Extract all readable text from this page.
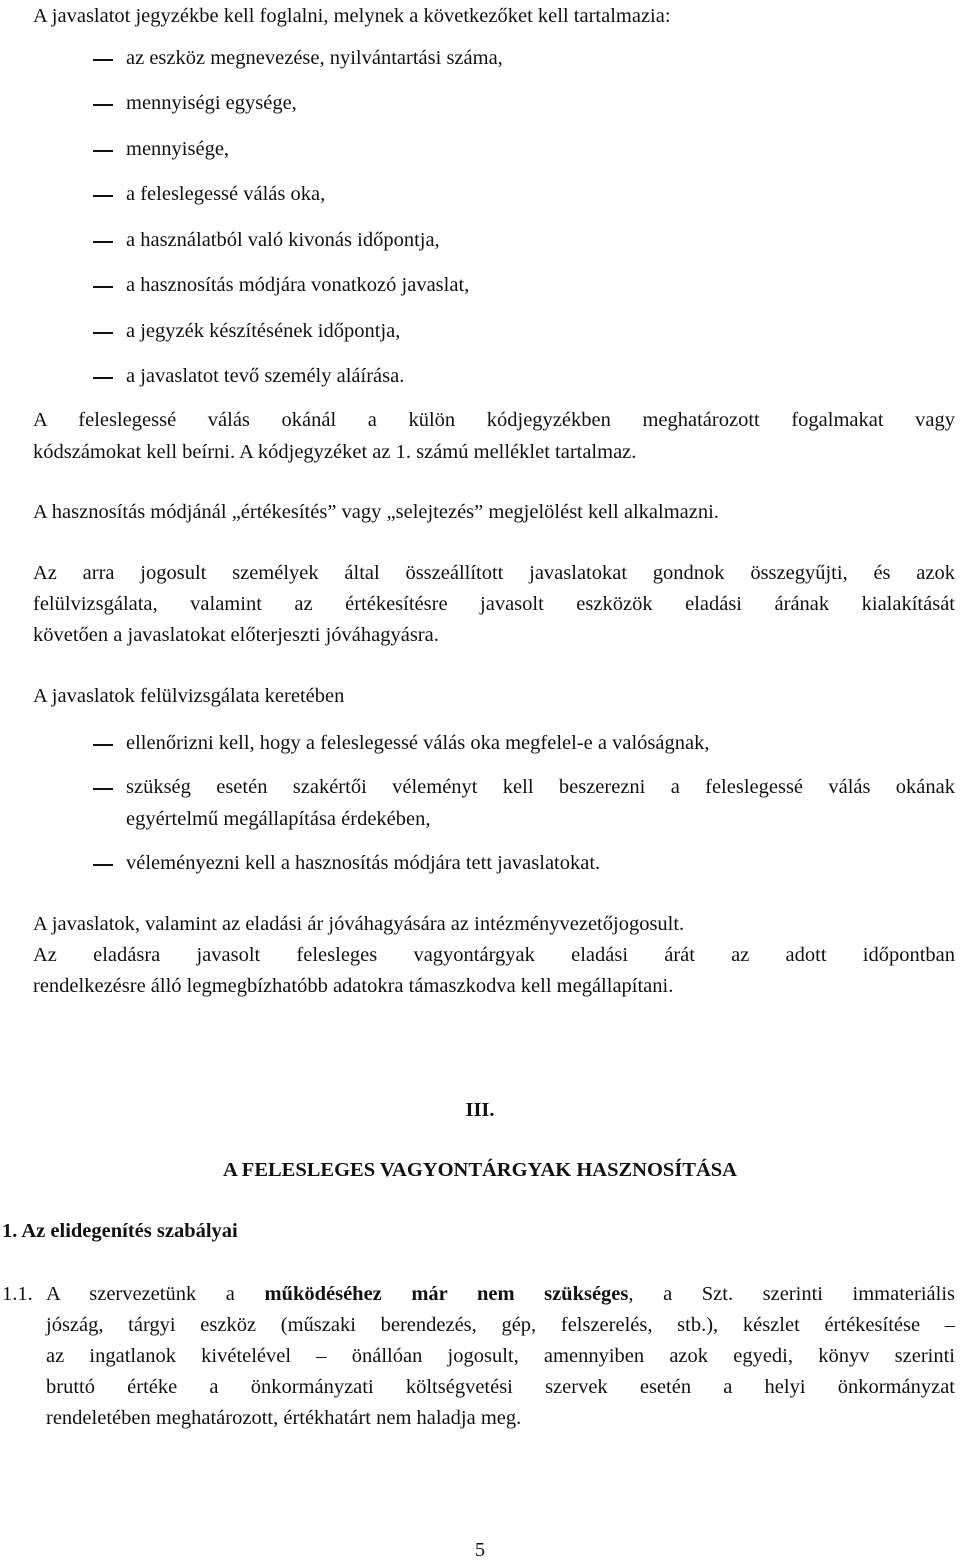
A javaslatot jegyzékbe kell foglalni, melynek a következőket kell tartalmazia:
az eszköz megnevezése, nyilvántartási száma,
mennyiségi egysége,
mennyisége,
a feleslegessé válás oka,
a használatból való kivonás időpontja,
a hasznosítás módjára vonatkozó javaslat,
a jegyzék készítésének időpontja,
a javaslatot tevő személy aláírása.
A feleslegessé válás okánál a külön kódjegyzékben meghatározott fogalmakat vagy
kódszámokat kell beírni. A kódjegyzéket az 1. számú melléklet tartalmaz.
A hasznosítás módjánál „értékesítés” vagy „selejtezés” megjelölést kell alkalmazni.
Az arra jogosult személyek által összeállított javaslatokat gondnok összegyűjti, és azok
felülvizsgálata, valamint az értékesítésre javasolt eszközök eladási árának kialakítását
követően a javaslatokat előterjeszti jóváhagyásra.
A javaslatok felülvizsgálata keretében
ellenőrizni kell, hogy a feleslegessé válás oka megfelel-e a valóságnak,
szükség esetén szakértői véleményt kell beszerezni a feleslegessé válás okának
egyértelmű megállapítása érdekében,
véleményezni kell a hasznosítás módjára tett javaslatokat.
A javaslatok, valamint az eladási ár jóváhagyására az intézményvezetőjogosult.
Az eladásra javasolt felesleges vagyontárgyak eladási árát az adott időpontban
rendelkezésre álló legmegbízhatóbb adatokra támaszkodva kell megállapítani.
III.
A FELESLEGES VAGYONTÁRGYAK HASZNOSÍTÁSA
1. Az elidegenítés szabályai
1.1. A szervezetünk a működéséhez már nem szükséges, a Szt. szerinti immateriális
jószág, tárgyi eszköz (műszaki berendezés, gép, felszerelés, stb.), készlet értékesítése –
az ingatlanok kivételével – önállóan jogosult, amennyiben azok egyedi, könyv szerinti
bruttó értéke a önkormányzati költségvetési szervek esetén a helyi önkormányzat
rendeletében meghatározott, értékhatárt nem haladja meg.
5
